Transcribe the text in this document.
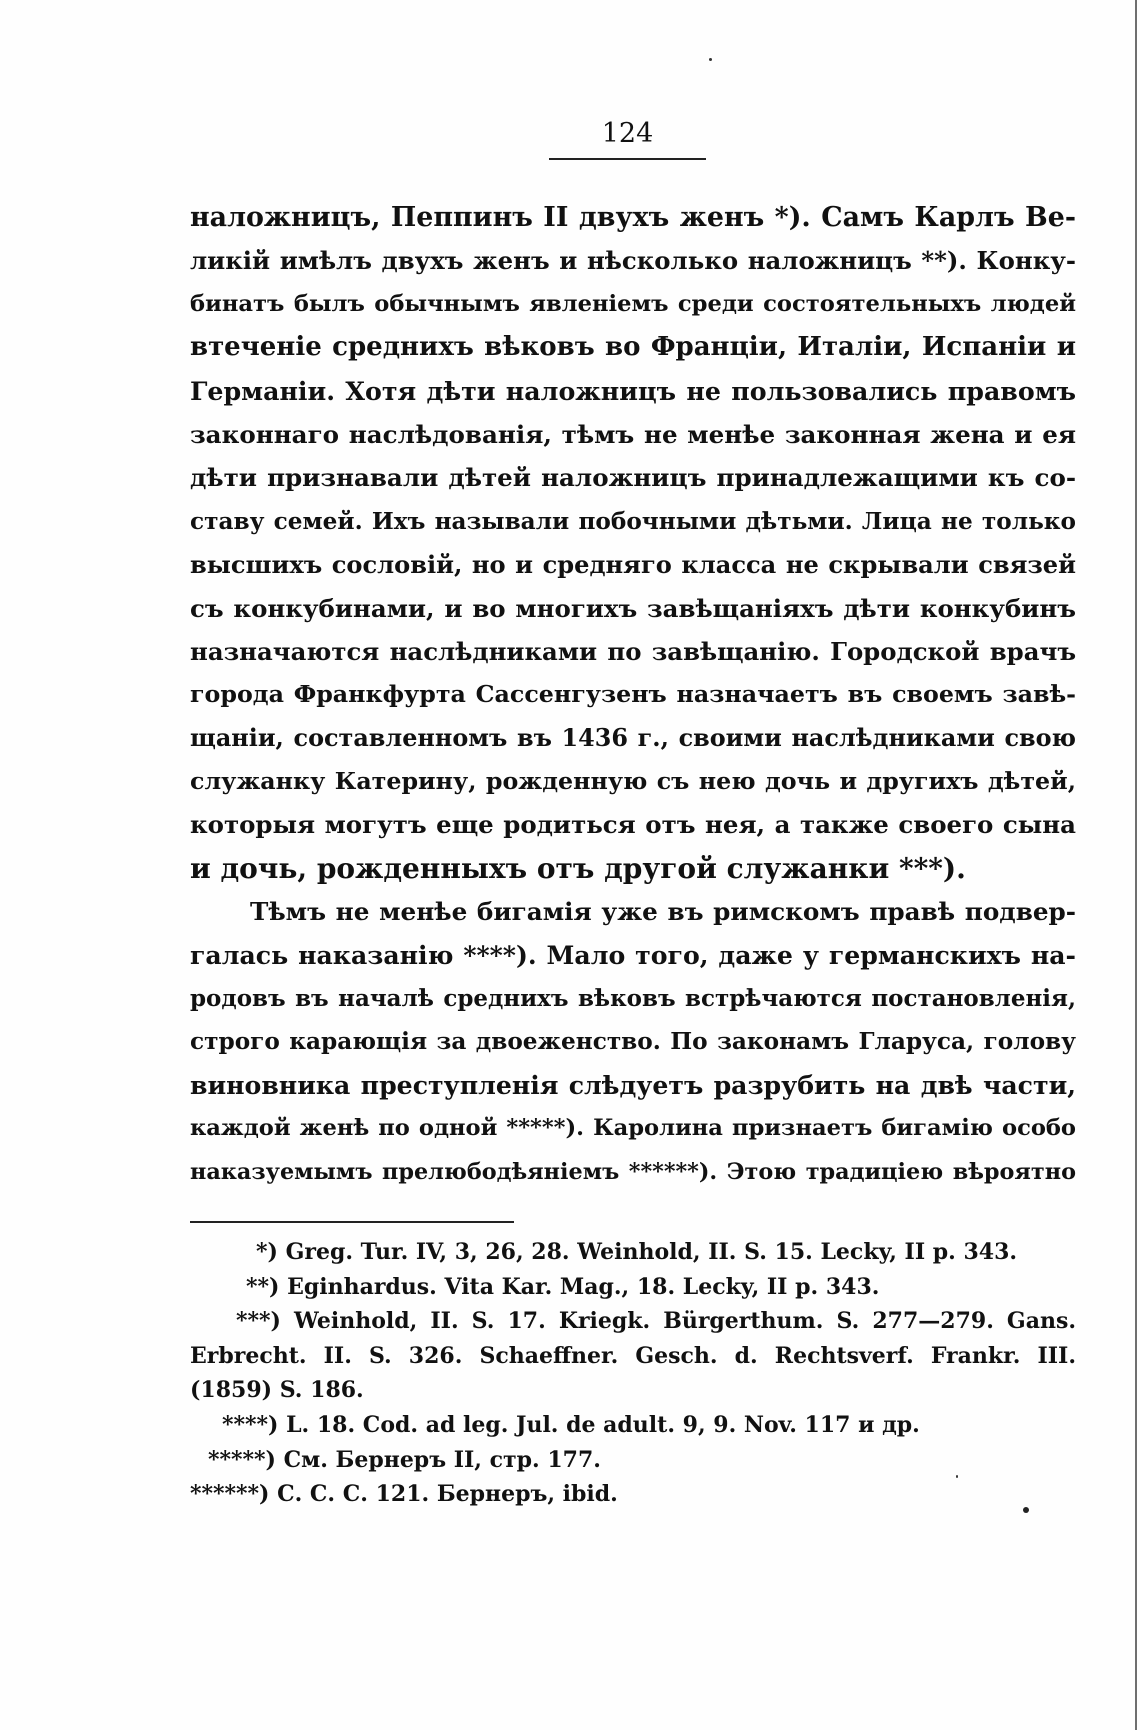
124
наложницъ, Пеппинъ II двухъ женъ *). Самъ Карлъ Ве-
ликій имѣлъ двухъ женъ и нѣсколько наложницъ **). Конку-
бинатъ былъ обычнымъ явленіемъ среди состоятельныхъ людей
втеченіе среднихъ вѣковъ во Франціи, Италіи, Испаніи и
Германіи. Хотя дѣти наложницъ не пользовались правомъ
законнаго наслѣдованія, тѣмъ не менѣе законная жена и ея
дѣти признавали дѣтей наложницъ принадлежащими къ со-
ставу семей. Ихъ называли побочными дѣтьми. Лица не только
высшихъ сословій, но и средняго класса не скрывали связей
съ конкубинами, и во многихъ завѣщаніяхъ дѣти конкубинъ
назначаются наслѣдниками по завѣщанію. Городской врачъ
города Франкфурта Сассенгузенъ назначаетъ въ своемъ завѣ-
щаніи, составленномъ въ 1436 г., своими наслѣдниками свою
служанку Катерину, рожденную съ нею дочь и другихъ дѣтей,
которыя могутъ еще родиться отъ нея, а также своего сына
и дочь, рожденныхъ отъ другой служанки ***).
Тѣмъ не менѣе бигамія уже въ римскомъ правѣ подвер-
галась наказанію ****). Мало того, даже у германскихъ на-
родовъ въ началѣ среднихъ вѣковъ встрѣчаются постановленія,
строго карающія за двоеженство. По законамъ Гларуса, голову
виновника преступленія слѣдуетъ разрубить на двѣ части,
каждой женѣ по одной *****). Каролина признаетъ бигамію особо
наказуемымъ прелюбодѣяніемъ ******). Этою традиціею вѣроятно
*) Greg. Tur. IV, 3, 26, 28. Weinhold, II. S. 15. Lecky, II p. 343.
**) Eginhardus. Vita Kar. Mag., 18. Lecky, II p. 343.
***) Weinhold, II. S. 17. Kriegk. Bürgerthum. S. 277—279. Gans.
Erbrecht. II. S. 326. Schaeffner. Gesch. d. Rechtsverf. Frankr. III.
(1859) S. 186.
****) L. 18. Cod. ad leg. Jul. de adult. 9, 9. Nov. 117 и др.
*****) См. Бернеръ II, стр. 177.
******) С. С. С. 121. Бернеръ, ibid.
